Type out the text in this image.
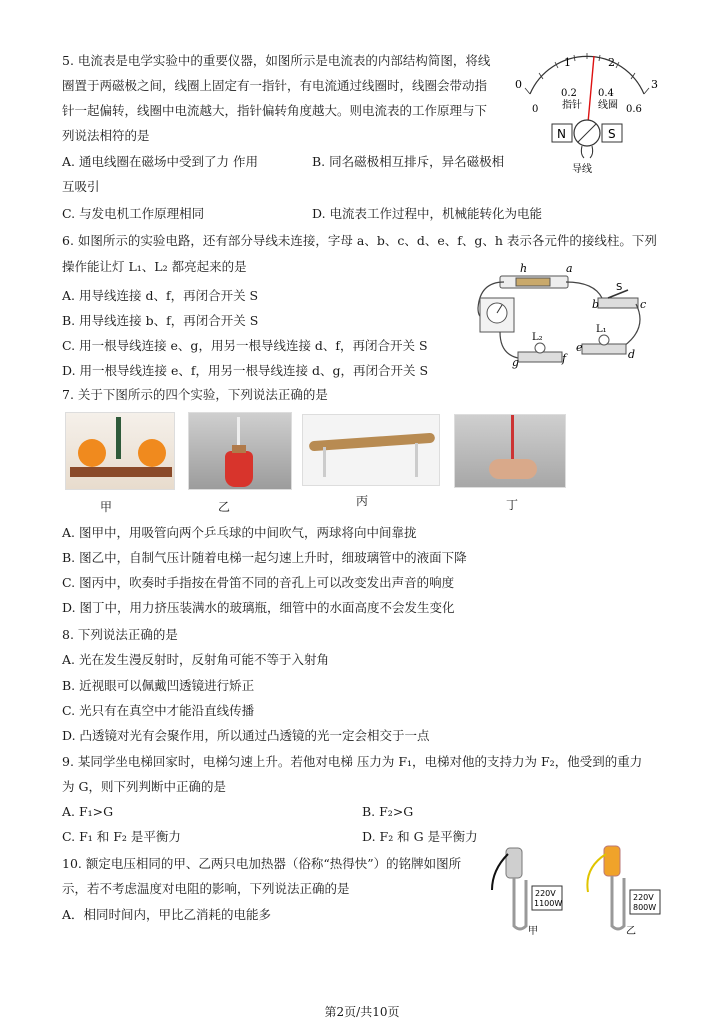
5. 电流表是电学实验中的重要仪器，如图所示是电流表的内部结构简图，将线
圈置于两磁极之间，线圈上固定有一指针，有电流通过线圈时，线圈会带动指
针一起偏转，线圈中电流越大，指针偏转角度越大。则电流表的工作原理与下
列说法相符的是
A. 通电线圈在磁场中受到了力 作用	B. 同名磁极相互排斥，异名磁极相
互吸引
C. 与发电机工作原理相同	D. 电流表工作过程中，机械能转化为电能
0
1	2
3
0
0.2 0.4
0.6
指针 线圈
N	S
导线
6. 如图所示的实验电路，还有部分导线未连接，字母 a、b、c、d、e、f、g、h 表示各元件的接线柱。下列
操作能让灯 L₁、L₂ 都亮起来的是
A. 用导线连接 d、f，再闭合开关 S
B. 用导线连接 b、f，再闭合开关 S
C. 用一根导线连接 e、g，用另一根导线连接 d、f，再闭合开关 S
D. 用一根导线连接 e、f，用另一根导线连接 d、g，再闭合开关 S
h	a
b	c
S
L₁
L₂
d
e
f
g
7. 关于下图所示的四个实验，下列说法正确的是
甲	乙	丙	丁
A. 图甲中，用吸管向两个乒乓球的中间吹气，两球将向中间靠拢
B. 图乙中，自制气压计随着电梯一起匀速上升时，细玻璃管中的液面下降
C. 图丙中，吹奏时手指按在骨笛不同的音孔上可以改变发出声音的响度
D. 图丁中，用力挤压装满水的玻璃瓶，细管中的水面高度不会发生变化
8. 下列说法正确的是
A. 光在发生漫反射时，反射角可能不等于入射角
B. 近视眼可以佩戴凹透镜进行矫正
C. 光只有在真空中才能沿直线传播
D. 凸透镜对光有会聚作用，所以通过凸透镜的光一定会相交于一点
9. 某同学坐电梯回家时，电梯匀速上升。若他对电梯 压力为 F₁，电梯对他的支持力为 F₂，他受到的重力
为 G，则下列判断中正确的是
A. F₁>G	B. F₂>G
C. F₁ 和 F₂ 是平衡力	D. F₂ 和 G 是平衡力
10. 额定电压相同的甲、乙两只电加热器（俗称“热得快”）的铭牌如图所
示，若不考虑温度对电阻的影响，下列说法正确的是
A．相同时间内，甲比乙消耗的电能多
220V
1100W
220V
800W
甲	乙
第2页/共10页
